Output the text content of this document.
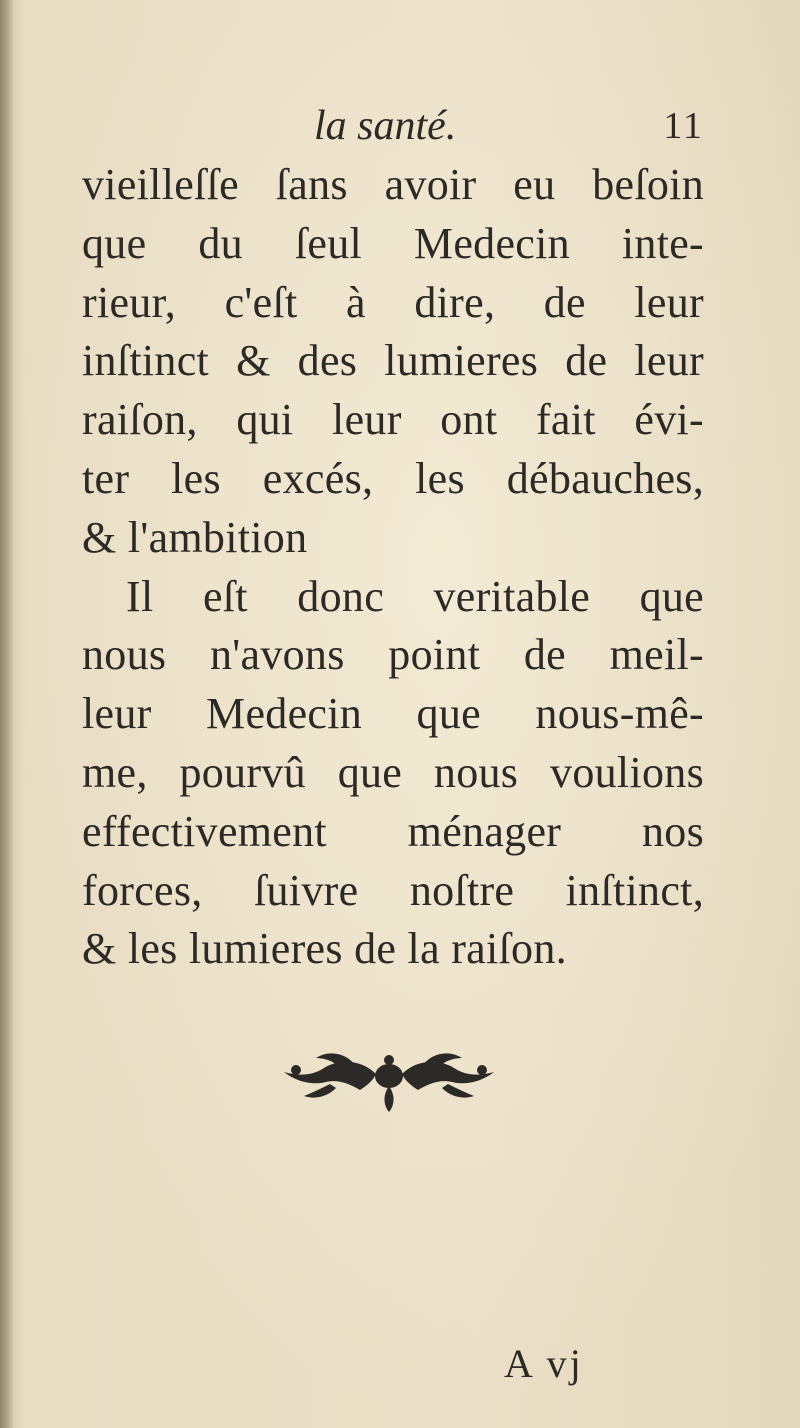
la santé.	11
vieilleſſe ſans avoir eu beſoin
que du ſeul Medecin inte-
rieur, c'eſt à dire, de leur
inſtinct & des lumieres de leur
raiſon, qui leur ont fait évi-
ter les excés, les débauches,
& l'ambition
Il eſt donc veritable que
nous n'avons point de meil-
leur Medecin que nous-mê-
me, pourvû que nous voulions
effectivement ménager nos
forces, ſuivre noſtre inſtinct,
& les lumieres de la raiſon.
A vj
